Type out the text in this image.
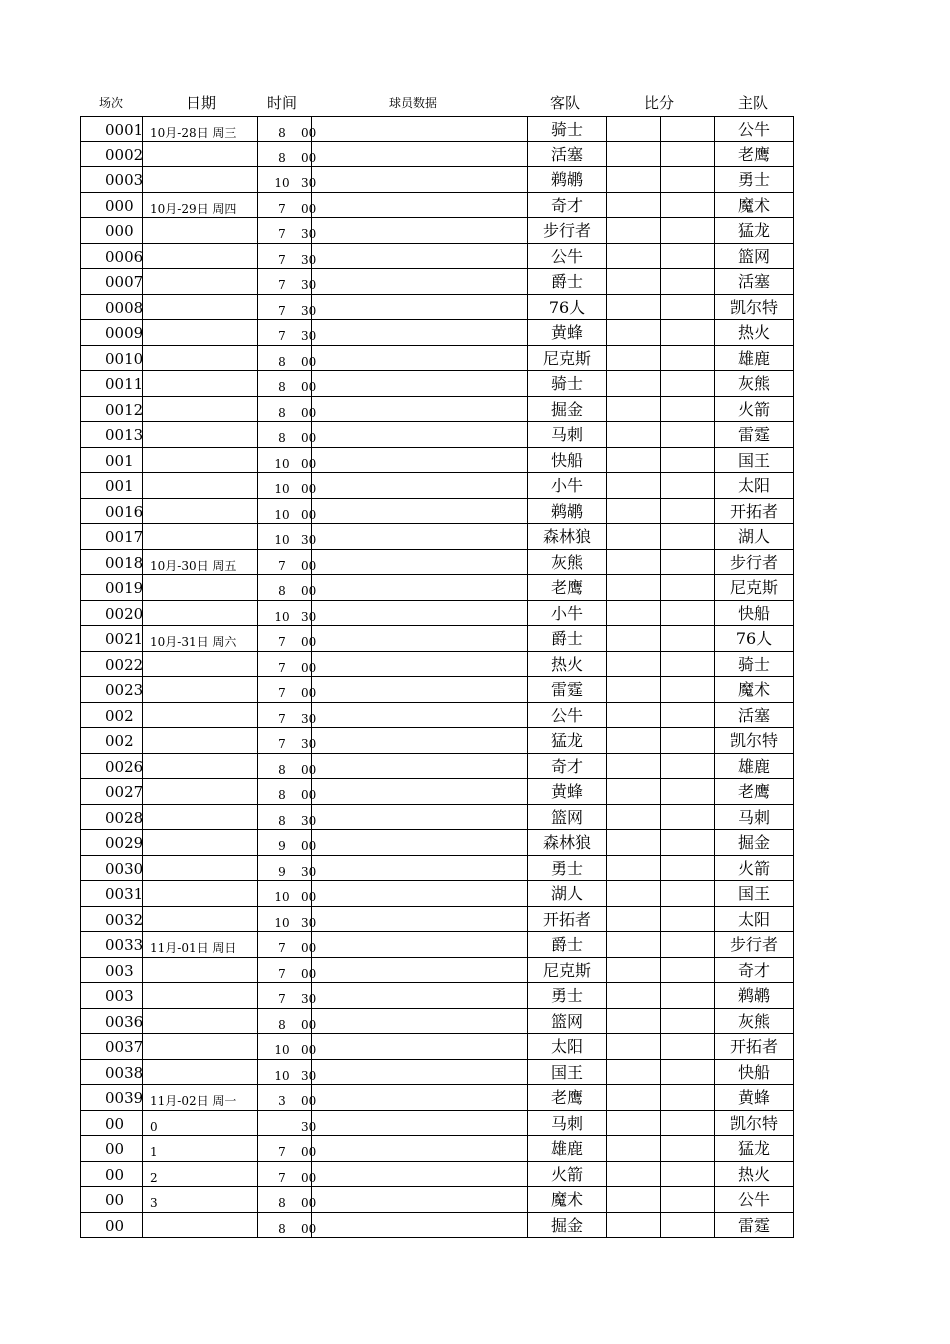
场次	日期	时间	球员数据	客队	比分	主队
0001 10月-28日 周三	8	00	骑士	公牛
0002	8	00	活塞	老鹰
0003	10 30	鹈鹕	勇士
000	10月-29日 周四	7	00	奇才	魔术
000	7	30	步行者	猛龙
0006	7	30	公牛	篮网
0007	7	30	爵士	活塞
0008	7	30	76人	凯尔特
0009	7	30	黄蜂	热火
0010	8	00	尼克斯	雄鹿
0011	8	00	骑士	灰熊
0012	8	00	掘金	火箭
0013	8	00	马刺	雷霆
001	10 00	快船	国王
001	10 00	小牛	太阳
0016	10 00	鹈鹕	开拓者
0017	10 30	森林狼	湖人
0018 10月-30日 周五	7	00	灰熊	步行者
0019	8	00	老鹰	尼克斯
0020	10 30	小牛	快船
0021 10月-31日 周六	7	00	爵士	76人
0022	7	00	热火	骑士
0023	7	00	雷霆	魔术
002	7	30	公牛	活塞
002	7	30	猛龙	凯尔特
0026	8	00	奇才	雄鹿
0027	8	00	黄蜂	老鹰
0028	8	30	篮网	马刺
0029	9	00	森林狼	掘金
0030	9	30	勇士	火箭
0031	10 00	湖人	国王
0032	10 30	开拓者	太阳
0033 11月-01日 周日	7	00	爵士	步行者
003	7	00	尼克斯	奇才
003	7	30	勇士	鹈鹕
0036	8	00	篮网	灰熊
0037	10 00	太阳	开拓者
0038	10 30	国王	快船
0039 11月-02日 周一	3	00	老鹰	黄蜂
00	0	30	马刺	凯尔特
00	1	7	00	雄鹿	猛龙
00	2	7	00	火箭	热火
00	3	8	00	魔术	公牛
00	8	00	掘金	雷霆
